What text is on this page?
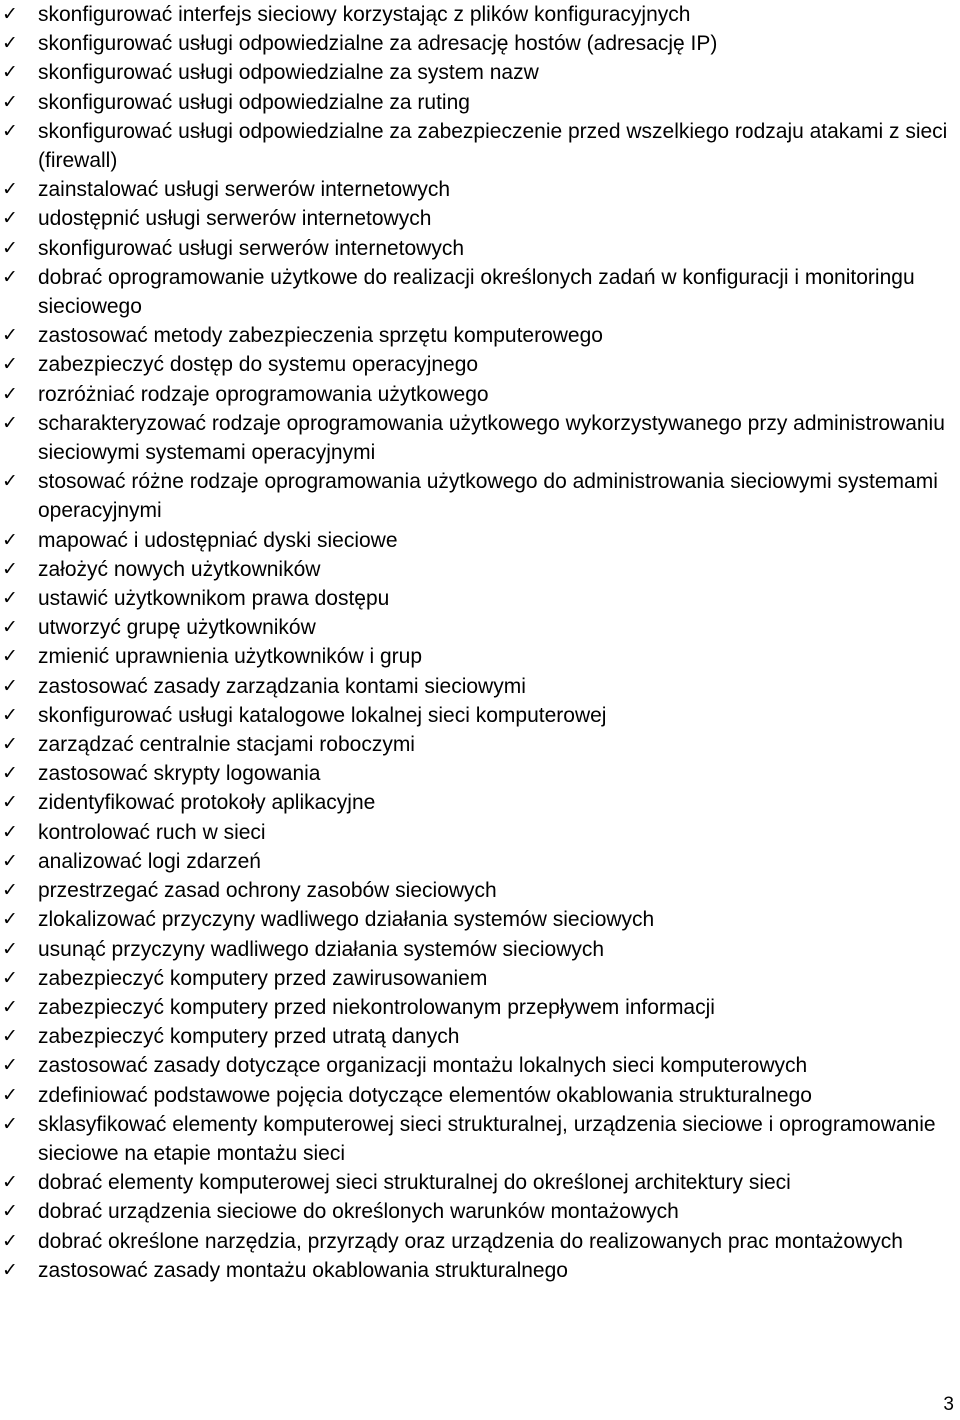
✓ skonfigurować interfejs sieciowy korzystając z plików konfiguracyjnych
✓ skonfigurować usługi odpowiedzialne za adresację hostów (adresację IP)
✓ skonfigurować usługi odpowiedzialne za system nazw
✓ skonfigurować usługi odpowiedzialne za ruting
✓ skonfigurować usługi odpowiedzialne za zabezpieczenie przed wszelkiego rodzaju atakami z sieci (firewall)
✓ zainstalować usługi serwerów internetowych
✓ udostępnić usługi serwerów internetowych
✓ skonfigurować usługi serwerów internetowych
✓ dobrać oprogramowanie użytkowe do realizacji określonych zadań w konfiguracji i monitoringu sieciowego
✓ zastosować metody zabezpieczenia sprzętu komputerowego
✓ zabezpieczyć dostęp do systemu operacyjnego
✓ rozróżniać rodzaje oprogramowania użytkowego
✓ scharakteryzować rodzaje oprogramowania użytkowego wykorzystywanego przy administrowaniu sieciowymi systemami operacyjnymi
✓ stosować różne rodzaje oprogramowania użytkowego do administrowania sieciowymi systemami operacyjnymi
✓ mapować i udostępniać dyski sieciowe
✓ założyć nowych użytkowników
✓ ustawić użytkownikom prawa dostępu
✓ utworzyć grupę użytkowników
✓ zmienić uprawnienia użytkowników i grup
✓ zastosować zasady zarządzania kontami sieciowymi
✓ skonfigurować usługi katalogowe lokalnej sieci komputerowej
✓ zarządzać centralnie stacjami roboczymi
✓ zastosować skrypty logowania
✓ zidentyfikować protokoły aplikacyjne
✓ kontrolować ruch w sieci
✓ analizować logi zdarzeń
✓ przestrzegać zasad ochrony zasobów sieciowych
✓ zlokalizować przyczyny wadliwego działania systemów sieciowych
✓ usunąć przyczyny wadliwego działania systemów sieciowych
✓ zabezpieczyć komputery przed zawirusowaniem
✓ zabezpieczyć komputery przed niekontrolowanym przepływem informacji
✓ zabezpieczyć komputery przed utratą danych
✓ zastosować zasady dotyczące organizacji montażu lokalnych sieci komputerowych
✓ zdefiniować podstawowe pojęcia dotyczące elementów okablowania strukturalnego
✓ sklasyfikować elementy komputerowej sieci strukturalnej, urządzenia sieciowe i oprogramowanie sieciowe na etapie montażu sieci
✓ dobrać elementy komputerowej sieci strukturalnej do określonej architektury sieci
✓ dobrać urządzenia sieciowe do określonych warunków montażowych
✓ dobrać określone narzędzia, przyrządy oraz urządzenia do realizowanych prac montażowych
✓ zastosować zasady montażu okablowania strukturalnego
3
